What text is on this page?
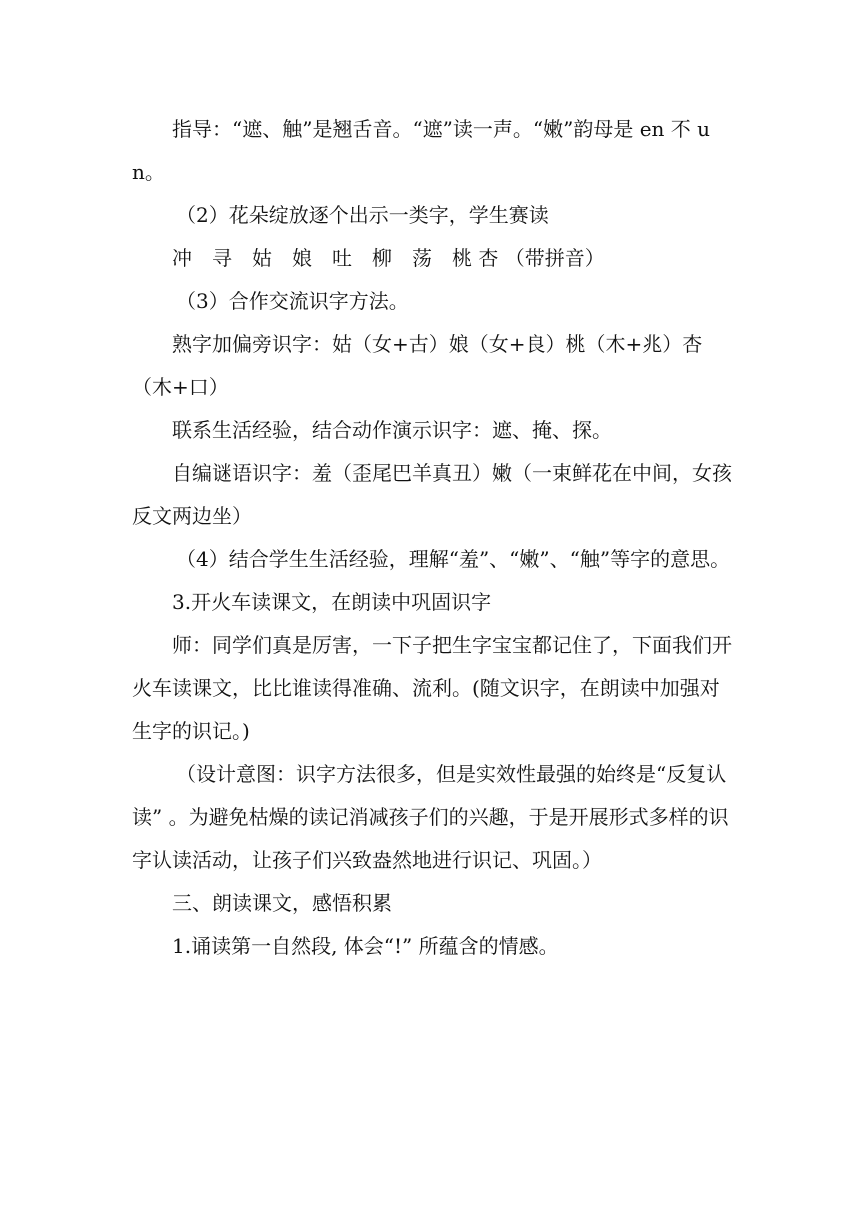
指导：“遮、触”是翘舌音。“遮”读一声。“嫩”韵母是 en 不 un。

（2）花朵绽放逐个出示一类字，学生赛读

冲　寻　姑　娘　吐　柳　荡　桃 杏 （带拼音）

（3）合作交流识字方法。

熟字加偏旁识字：姑（女+古）娘（女+良）桃（木+兆）杏（木+口）

联系生活经验，结合动作演示识字：遮、掩、探。

自编谜语识字：羞（歪尾巴羊真丑）嫩（一束鲜花在中间，女孩反文两边坐）

（4）结合学生生活经验，理解“羞”、“嫩”、“触”等字的意思。

3.开火车读课文，在朗读中巩固识字

师：同学们真是厉害，一下子把生字宝宝都记住了，下面我们开火车读课文，比比谁读得准确、流利。(随文识字，在朗读中加强对生字的识记。)

（设计意图：识字方法很多，但是实效性最强的始终是“反复认读” 。为避免枯燥的读记消减孩子们的兴趣，于是开展形式多样的识字认读活动，让孩子们兴致盎然地进行识记、巩固。）

三、朗读课文，感悟积累

1.诵读第一自然段, 体会“!” 所蕴含的情感。
